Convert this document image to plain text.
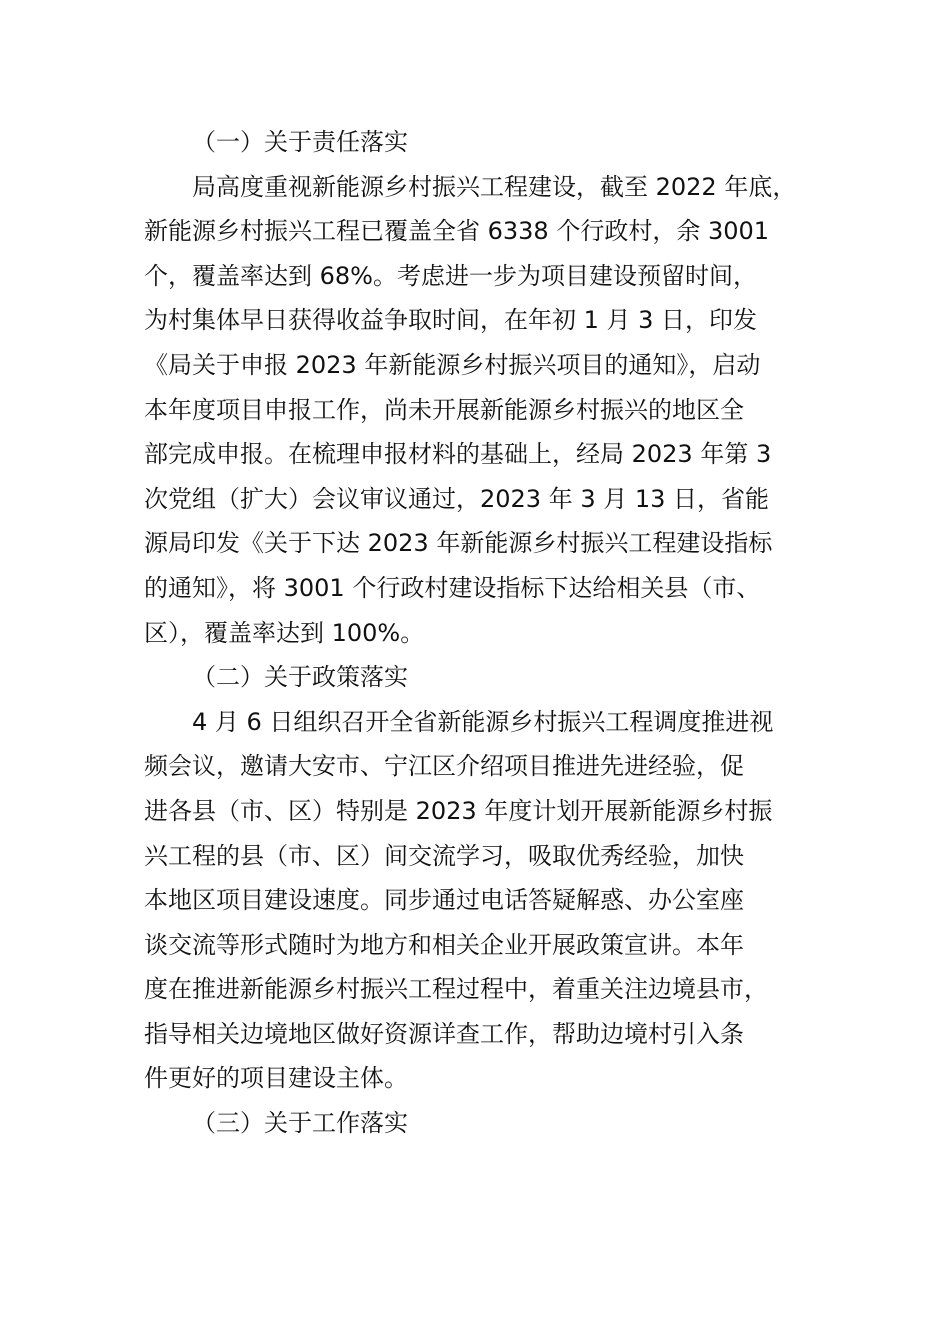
（一）关于责任落实
局高度重视新能源乡村振兴工程建设，截至 2022 年底，
新能源乡村振兴工程已覆盖全省 6338 个行政村，余 3001
个，覆盖率达到 68%。考虑进一步为项目建设预留时间，
为村集体早日获得收益争取时间，在年初 1 月 3 日，印发
《局关于申报 2023 年新能源乡村振兴项目的通知》，启动
本年度项目申报工作，尚未开展新能源乡村振兴的地区全
部完成申报。在梳理申报材料的基础上，经局 2023 年第 3
次党组（扩大）会议审议通过，2023 年 3 月 13 日，省能
源局印发《关于下达 2023 年新能源乡村振兴工程建设指标
的通知》，将 3001 个行政村建设指标下达给相关县（市、
区），覆盖率达到 100%。
（二）关于政策落实
4 月 6 日组织召开全省新能源乡村振兴工程调度推进视
频会议，邀请大安市、宁江区介绍项目推进先进经验，促
进各县（市、区）特别是 2023 年度计划开展新能源乡村振
兴工程的县（市、区）间交流学习，吸取优秀经验，加快
本地区项目建设速度。同步通过电话答疑解惑、办公室座
谈交流等形式随时为地方和相关企业开展政策宣讲。本年
度在推进新能源乡村振兴工程过程中，着重关注边境县市，
指导相关边境地区做好资源详查工作，帮助边境村引入条
件更好的项目建设主体。
（三）关于工作落实
